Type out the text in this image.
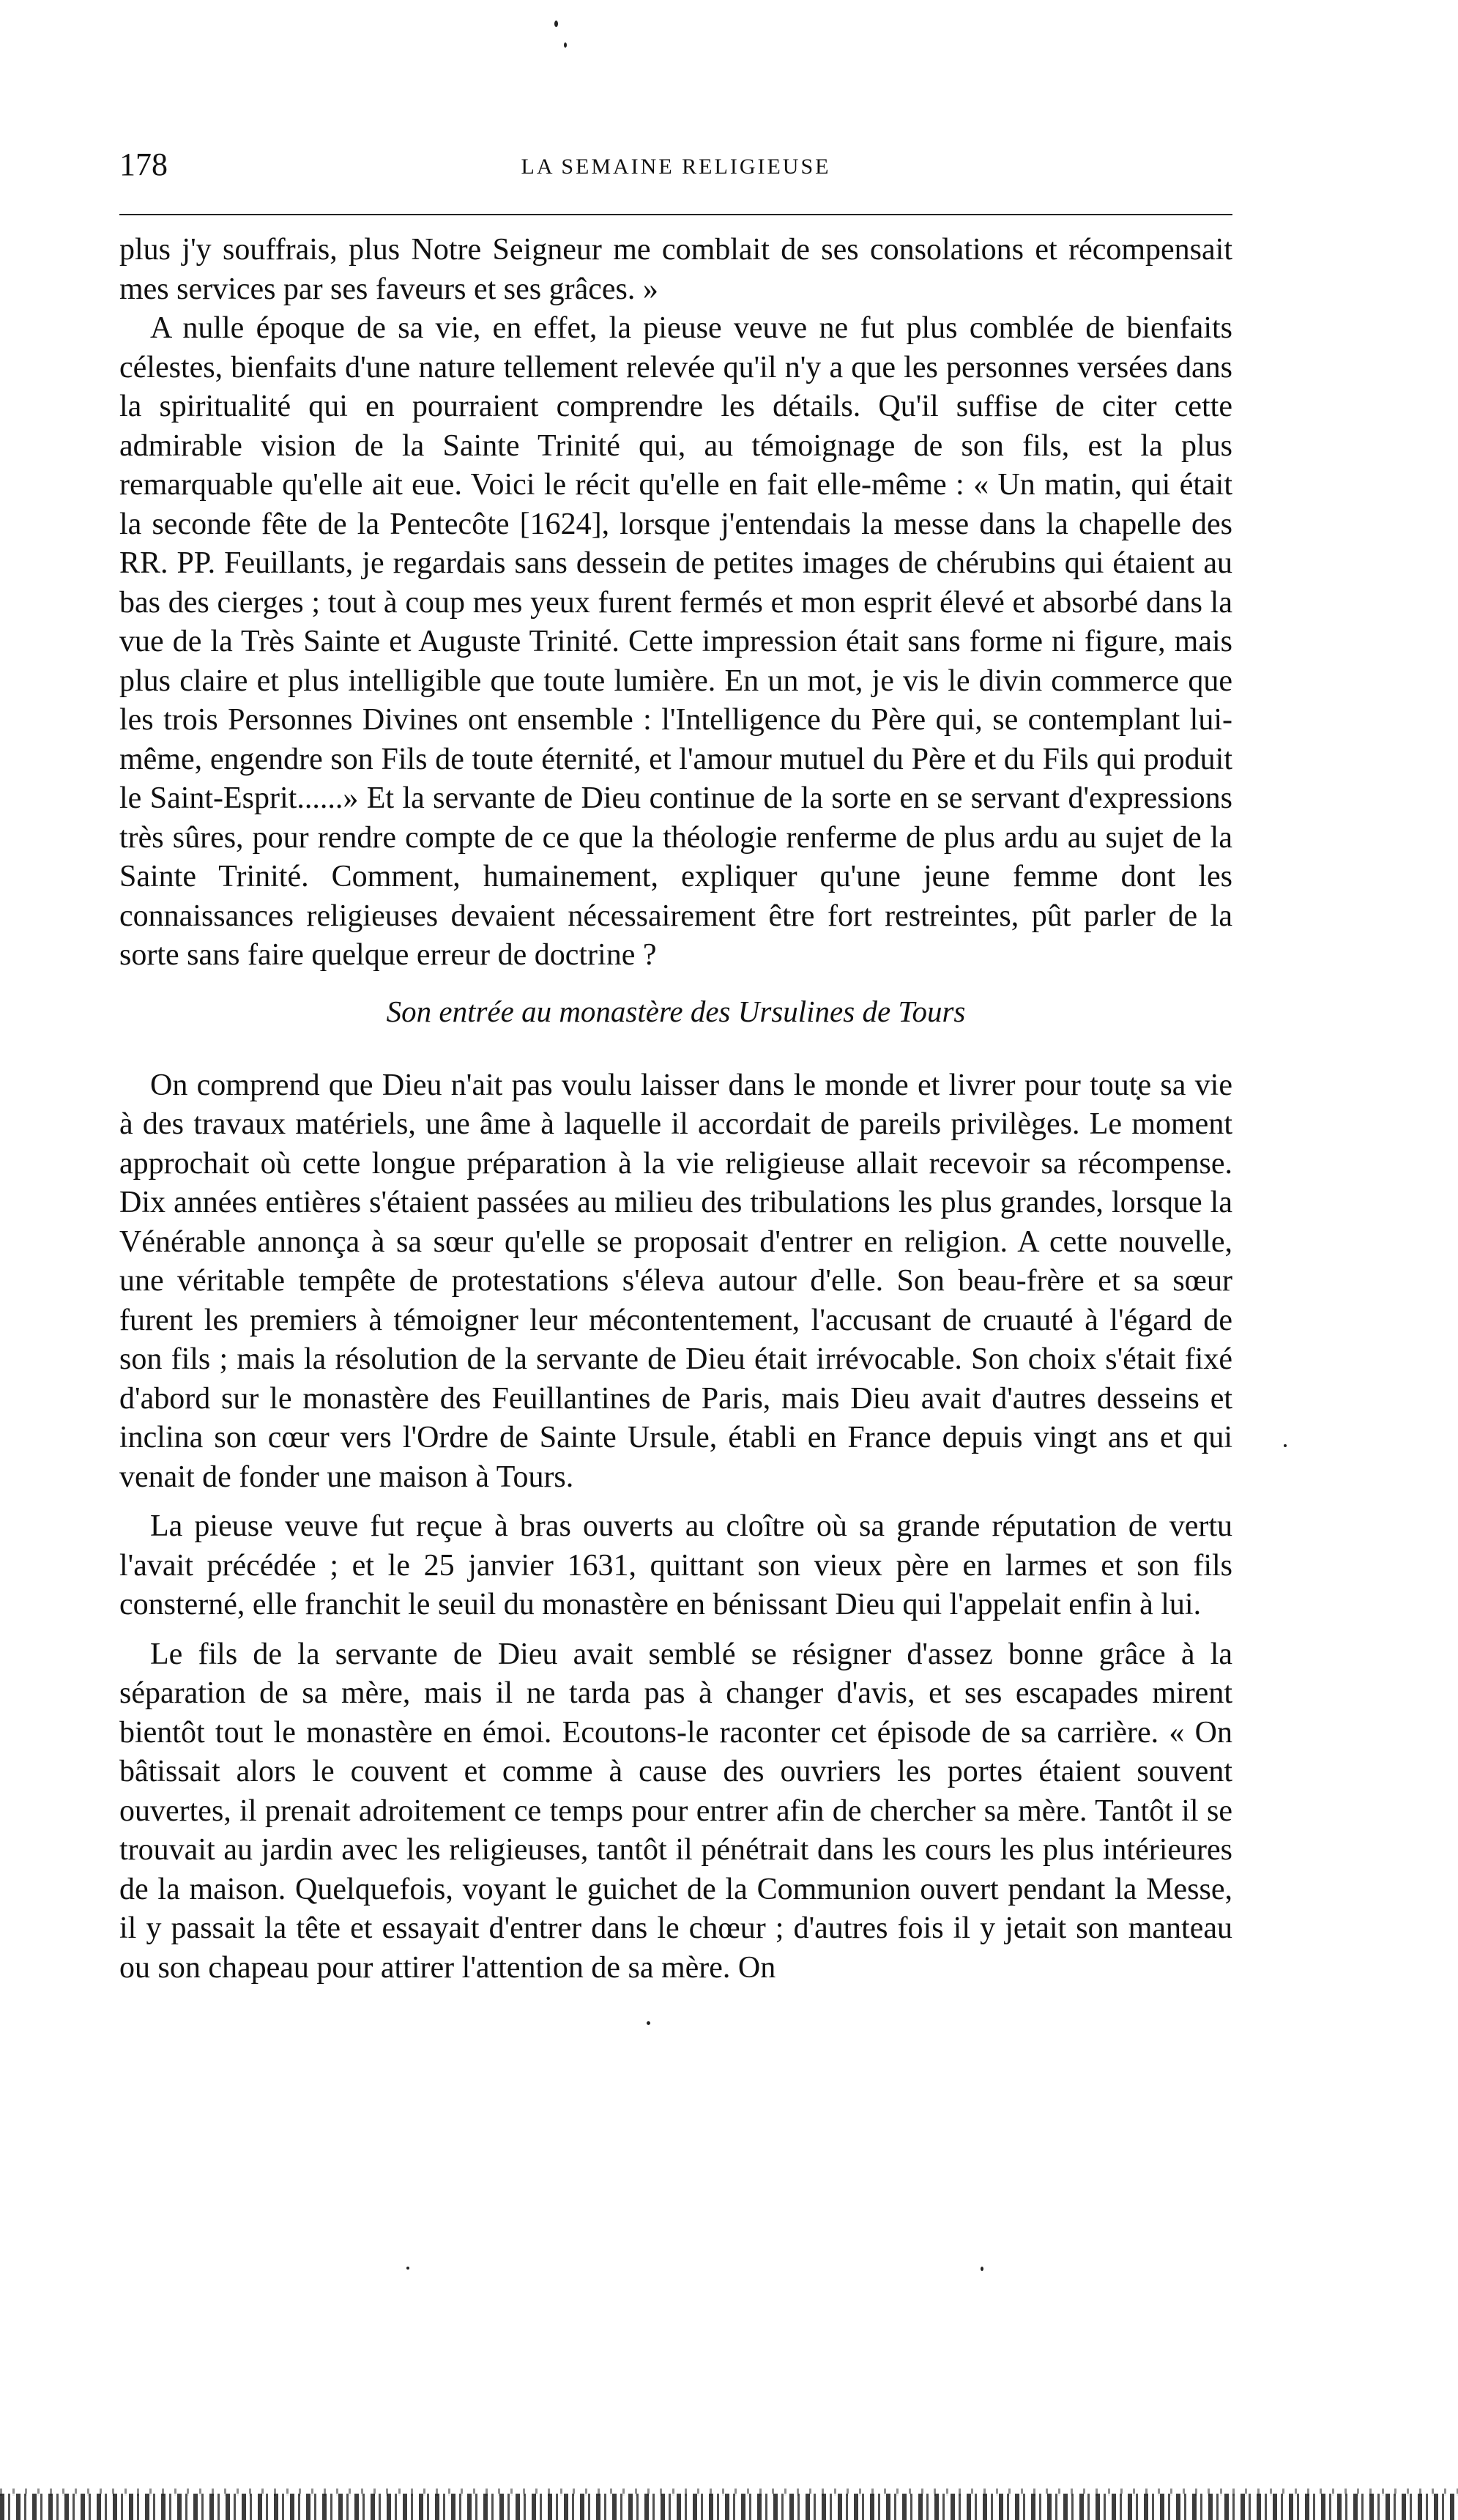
178	LA SEMAINE RELIGIEUSE

plus j'y souffrais, plus Notre Seigneur me comblait de ses consolations et récompensait mes services par ses faveurs et ses grâces. »

A nulle époque de sa vie, en effet, la pieuse veuve ne fut plus comblée de bienfaits célestes, bienfaits d'une nature tellement relevée qu'il n'y a que les personnes versées dans la spiritualité qui en pourraient comprendre les détails. Qu'il suffise de citer cette admirable vision de la Sainte Trinité qui, au témoignage de son fils, est la plus remarquable qu'elle ait eue. Voici le récit qu'elle en fait elle-même : « Un matin, qui était la seconde fête de la Pentecôte [1624], lorsque j'entendais la messe dans la chapelle des RR. PP. Feuillants, je regardais sans dessein de petites images de chérubins qui étaient au bas des cierges ; tout à coup mes yeux furent fermés et mon esprit élevé et absorbé dans la vue de la Très Sainte et Auguste Trinité. Cette impression était sans forme ni figure, mais plus claire et plus intelligible que toute lumière. En un mot, je vis le divin commerce que les trois Personnes Divines ont ensemble : l'Intelligence du Père qui, se contemplant lui-même, engendre son Fils de toute éternité, et l'amour mutuel du Père et du Fils qui produit le Saint-Esprit......» Et la servante de Dieu continue de la sorte en se servant d'expressions très sûres, pour rendre compte de ce que la théologie renferme de plus ardu au sujet de la Sainte Trinité. Comment, humainement, expliquer qu'une jeune femme dont les connaissances religieuses devaient nécessairement être fort restreintes, pût parler de la sorte sans faire quelque erreur de doctrine ?

Son entrée au monastère des Ursulines de Tours

On comprend que Dieu n'ait pas voulu laisser dans le monde et livrer pour toute sa vie à des travaux matériels, une âme à laquelle il accordait de pareils privilèges. Le moment approchait où cette longue préparation à la vie religieuse allait recevoir sa récompense. Dix années entières s'étaient passées au milieu des tribulations les plus grandes, lorsque la Vénérable annonça à sa sœur qu'elle se proposait d'entrer en religion. A cette nouvelle, une véritable tempête de protestations s'éleva autour d'elle. Son beau-frère et sa sœur furent les premiers à témoigner leur mécontentement, l'accusant de cruauté à l'égard de son fils ; mais la résolution de la servante de Dieu était irrévocable. Son choix s'était fixé d'abord sur le monastère des Feuillantines de Paris, mais Dieu avait d'autres desseins et inclina son cœur vers l'Ordre de Sainte Ursule, établi en France depuis vingt ans et qui venait de fonder une maison à Tours.

La pieuse veuve fut reçue à bras ouverts au cloître où sa grande réputation de vertu l'avait précédée ; et le 25 janvier 1631, quittant son vieux père en larmes et son fils consterné, elle franchit le seuil du monastère en bénissant Dieu qui l'appelait enfin à lui.

Le fils de la servante de Dieu avait semblé se résigner d'assez bonne grâce à la séparation de sa mère, mais il ne tarda pas à changer d'avis, et ses escapades mirent bientôt tout le monastère en émoi. Ecoutons-le raconter cet épisode de sa carrière. « On bâtissait alors le couvent et comme à cause des ouvriers les portes étaient souvent ouvertes, il prenait adroitement ce temps pour entrer afin de chercher sa mère. Tantôt il se trouvait au jardin avec les religieuses, tantôt il pénétrait dans les cours les plus intérieures de la maison. Quelquefois, voyant le guichet de la Communion ouvert pendant la Messe, il y passait la tête et essayait d'entrer dans le chœur ; d'autres fois il y jetait son manteau ou son chapeau pour attirer l'attention de sa mère. On
